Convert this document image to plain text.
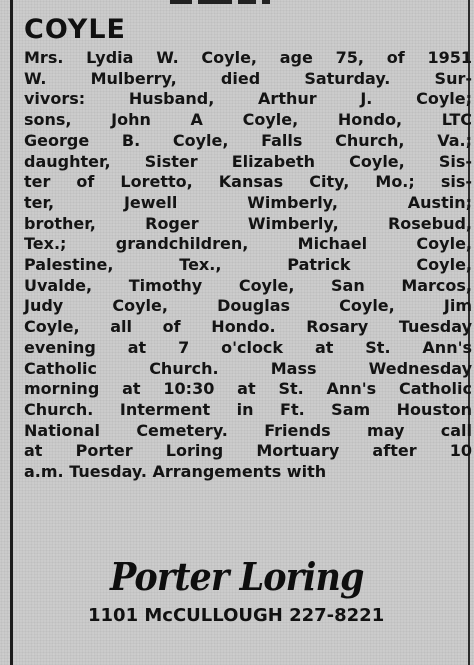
COYLE
Mrs. Lydia W. Coyle, age 75, of 1951
W. Mulberry, died Saturday. Sur-
vivors: Husband, Arthur J. Coyle;
sons, John A Coyle, Hondo, LTC
George B. Coyle, Falls Church, Va.;
daughter, Sister Elizabeth Coyle, Sis-
ter of Loretto, Kansas City, Mo.; sis-
ter, Jewell Wimberly, Austin;
brother, Roger Wimberly, Rosebud,
Tex.; grandchildren, Michael Coyle,
Palestine, Tex., Patrick Coyle,
Uvalde, Timothy Coyle, San Marcos,
Judy Coyle, Douglas Coyle, Jim
Coyle, all of Hondo. Rosary Tuesday
evening at 7 o'clock at St. Ann's
Catholic Church. Mass Wednesday
morning at 10:30 at St. Ann's Catholic
Church. Interment in Ft. Sam Houston
National Cemetery. Friends may call
at Porter Loring Mortuary after 10
a.m. Tuesday. Arrangements with
Porter Loring
1101 McCULLOUGH 227-8221
